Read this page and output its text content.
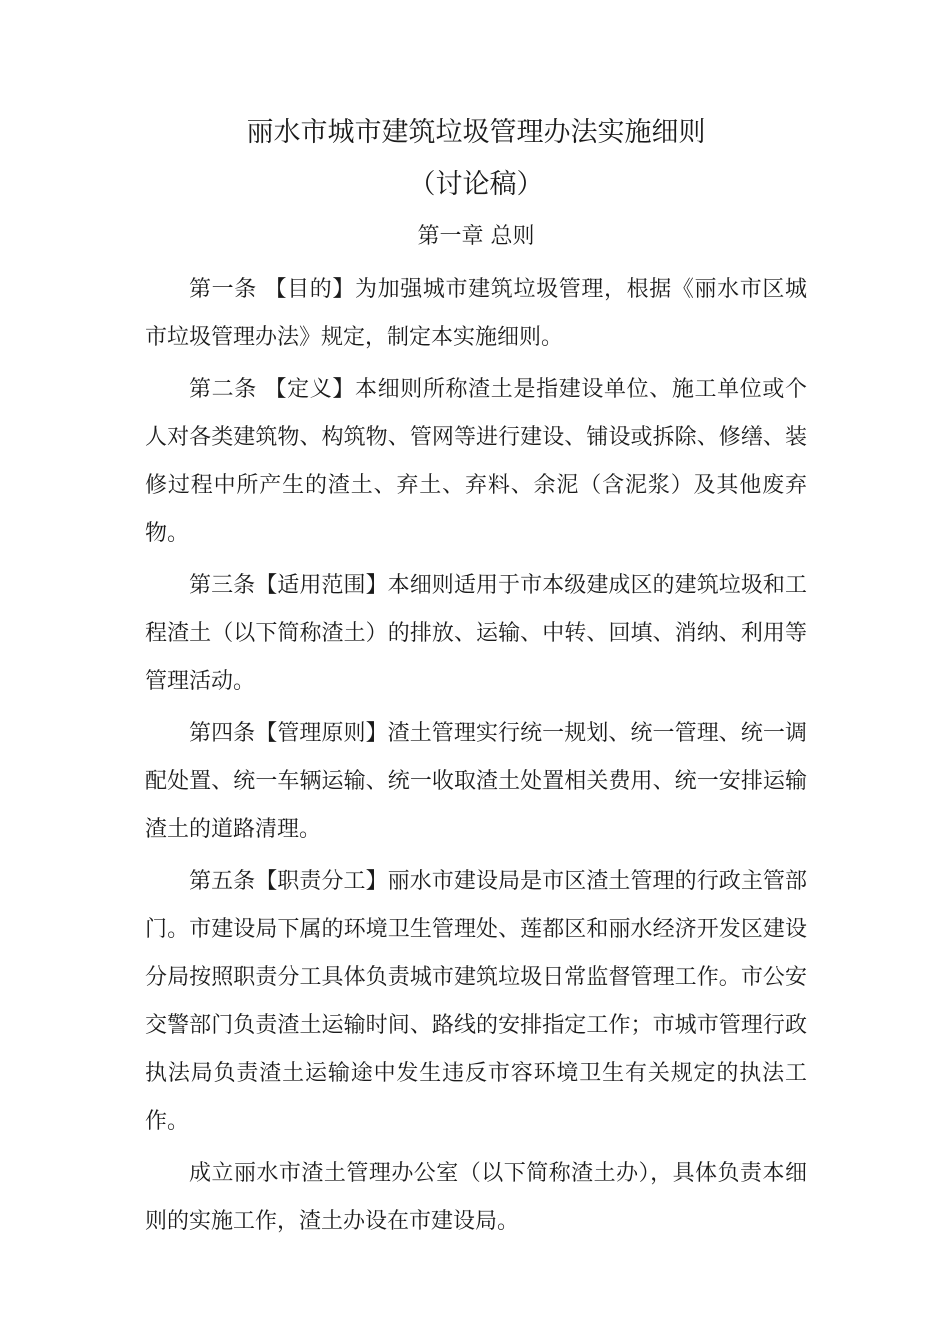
丽水市城市建筑垃圾管理办法实施细则
（讨论稿）
第一章 总则

第一条 【目的】为加强城市建筑垃圾管理，根据《丽水市区城市垃圾管理办法》规定，制定本实施细则。

第二条 【定义】本细则所称渣土是指建设单位、施工单位或个人对各类建筑物、构筑物、管网等进行建设、铺设或拆除、修缮、装修过程中所产生的渣土、弃土、弃料、余泥（含泥浆）及其他废弃物。

第三条【适用范围】本细则适用于市本级建成区的建筑垃圾和工程渣土（以下简称渣土）的排放、运输、中转、回填、消纳、利用等管理活动。

第四条【管理原则】渣土管理实行统一规划、统一管理、统一调配处置、统一车辆运输、统一收取渣土处置相关费用、统一安排运输渣土的道路清理。

第五条【职责分工】丽水市建设局是市区渣土管理的行政主管部门。市建设局下属的环境卫生管理处、莲都区和丽水经济开发区建设分局按照职责分工具体负责城市建筑垃圾日常监督管理工作。市公安交警部门负责渣土运输时间、路线的安排指定工作；市城市管理行政执法局负责渣土运输途中发生违反市容环境卫生有关规定的执法工作。

成立丽水市渣土管理办公室（以下简称渣土办），具体负责本细则的实施工作，渣土办设在市建设局。
